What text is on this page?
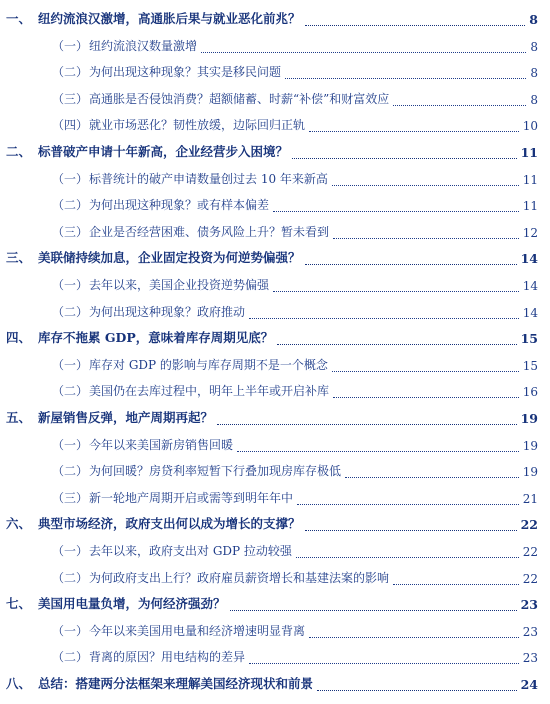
一、 纽约流浪汉激增，高通胀后果与就业恶化前兆？	8
（一） 纽约流浪汉数量激增	8
（二） 为何出现这种现象？其实是移民问题	8
（三） 高通胀是否侵蚀消费？超额储蓄、时薪“补偿”和财富效应	8
（四） 就业市场恶化？韧性放缓，边际回归正轨	10
二、 标普破产申请十年新高，企业经营步入困境？	11
（一） 标普统计的破产申请数量创过去 10 年来新高	11
（二） 为何出现这种现象？或有样本偏差	11
（三） 企业是否经营困难、债务风险上升？暂未看到	12
三、 美联储持续加息，企业固定投资为何逆势偏强？	14
（一） 去年以来，美国企业投资逆势偏强	14
（二） 为何出现这种现象？政府推动	14
四、 库存不拖累 GDP，意味着库存周期见底？	15
（一） 库存对 GDP 的影响与库存周期不是一个概念	15
（二） 美国仍在去库过程中，明年上半年或开启补库	16
五、 新屋销售反弹，地产周期再起？	19
（一） 今年以来美国新房销售回暖	19
（二） 为何回暖？房贷利率短暂下行叠加现房库存极低	19
（三） 新一轮地产周期开启或需等到明年年中	21
六、 典型市场经济，政府支出何以成为增长的支撑？	22
（一） 去年以来，政府支出对 GDP 拉动较强	22
（二） 为何政府支出上行？政府雇员薪资增长和基建法案的影响	22
七、 美国用电量负增，为何经济强劲？	23
（一） 今年以来美国用电量和经济增速明显背离	23
（二） 背离的原因？用电结构的差异	23
八、 总结：搭建两分法框架来理解美国经济现状和前景	24
